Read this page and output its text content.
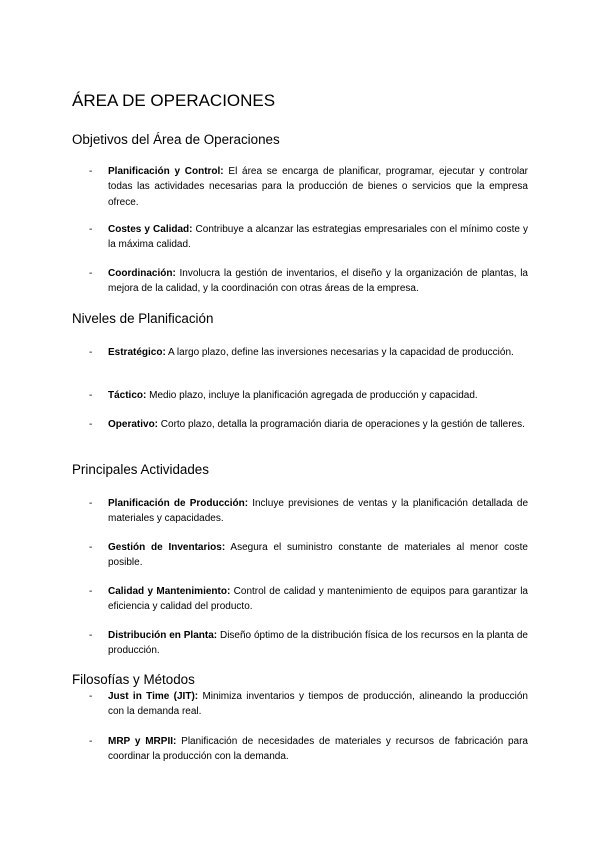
ÁREA DE OPERACIONES
Objetivos del Área de Operaciones
- Planificación y Control: El área se encarga de planificar, programar, ejecutar y controlar todas las actividades necesarias para la producción de bienes o servicios que la empresa ofrece.
- Costes y Calidad: Contribuye a alcanzar las estrategias empresariales con el mínimo coste y la máxima calidad.
- Coordinación: Involucra la gestión de inventarios, el diseño y la organización de plantas, la mejora de la calidad, y la coordinación con otras áreas de la empresa.
Niveles de Planificación
- Estratégico: A largo plazo, define las inversiones necesarias y la capacidad de producción.
- Táctico: Medio plazo, incluye la planificación agregada de producción y capacidad.
- Operativo: Corto plazo, detalla la programación diaria de operaciones y la gestión de talleres.
Principales Actividades
- Planificación de Producción: Incluye previsiones de ventas y la planificación detallada de materiales y capacidades.
- Gestión de Inventarios: Asegura el suministro constante de materiales al menor coste posible.
- Calidad y Mantenimiento: Control de calidad y mantenimiento de equipos para garantizar la eficiencia y calidad del producto.
- Distribución en Planta: Diseño óptimo de la distribución física de los recursos en la planta de producción.
Filosofías y Métodos
- Just in Time (JIT): Minimiza inventarios y tiempos de producción, alineando la producción con la demanda real.
- MRP y MRPII: Planificación de necesidades de materiales y recursos de fabricación para coordinar la producción con la demanda.
